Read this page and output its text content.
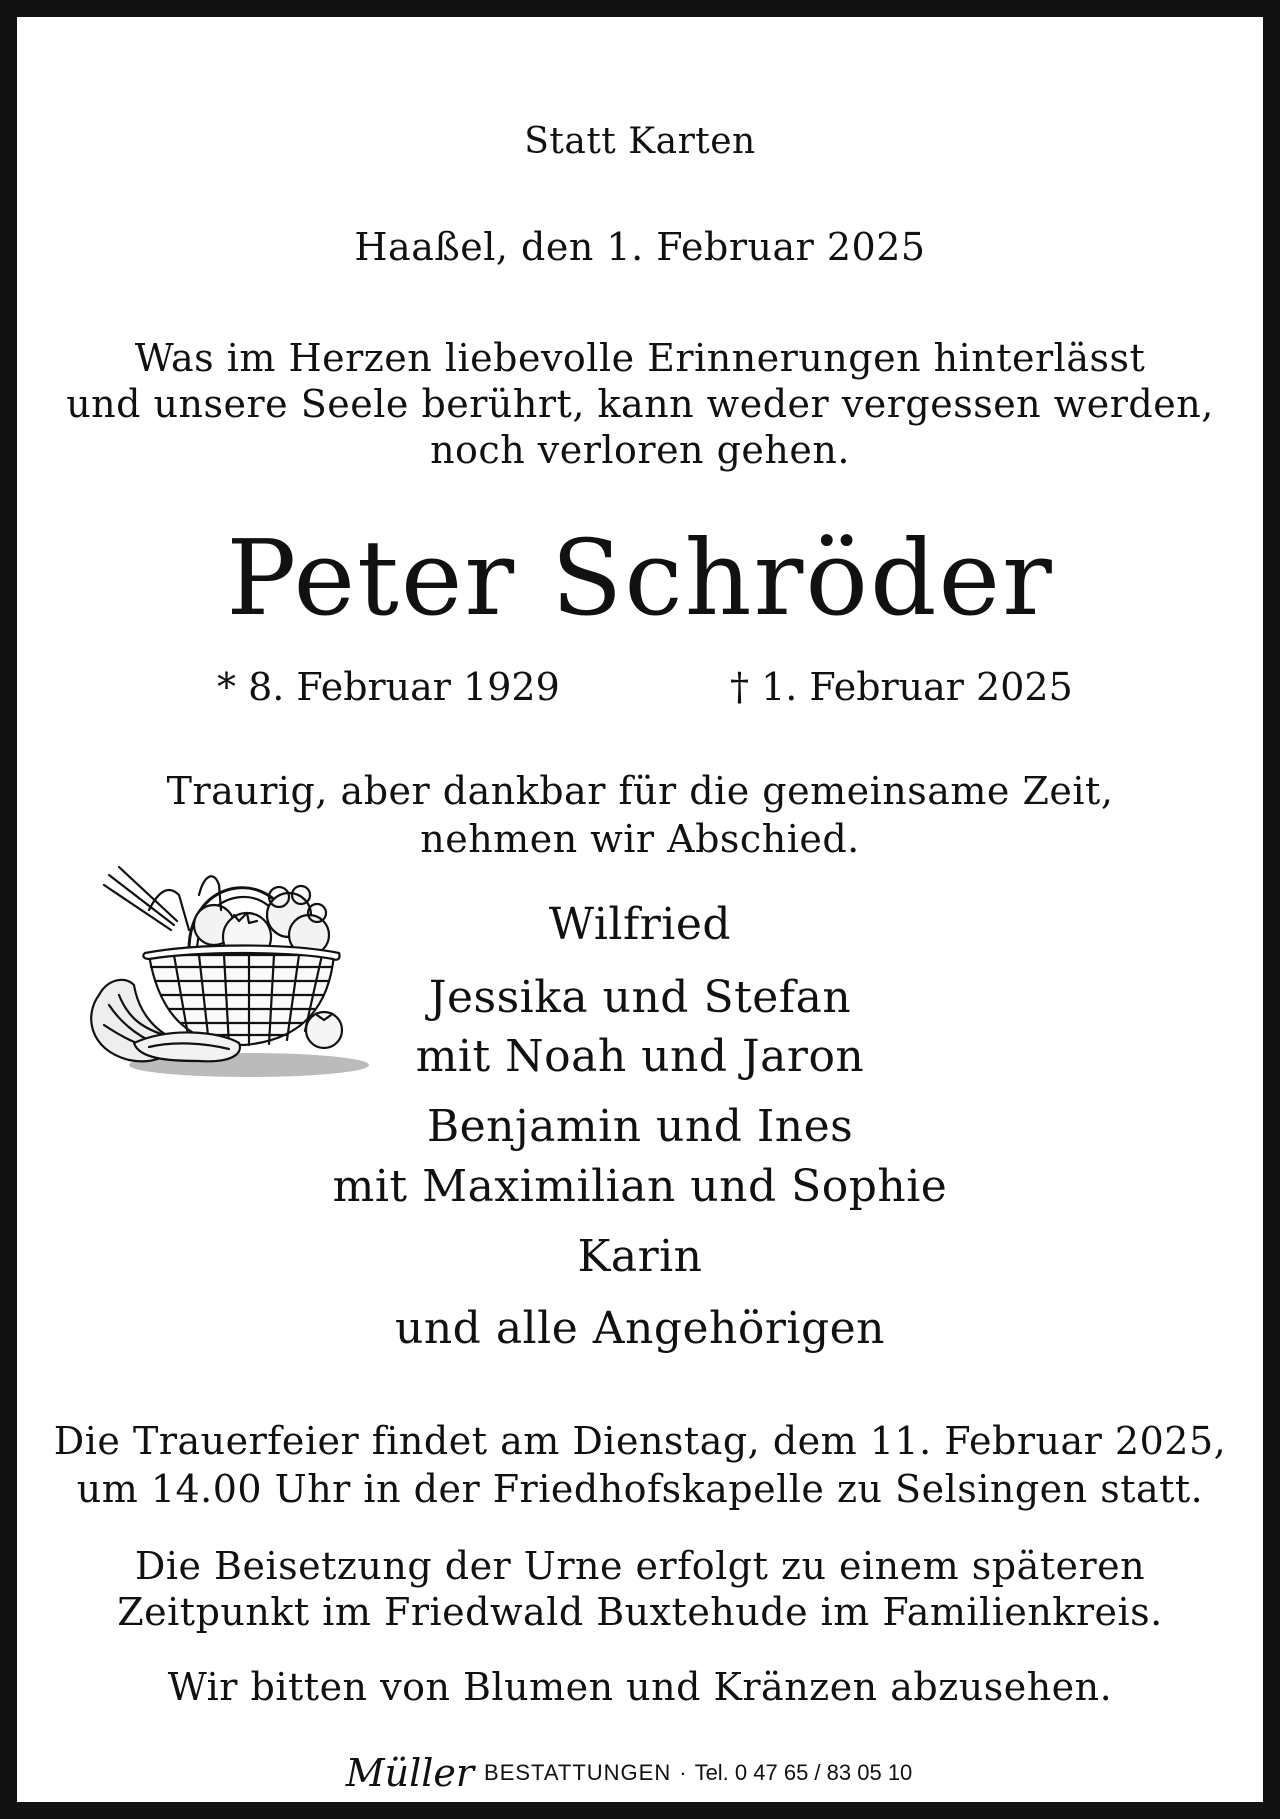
Statt Karten
Haaßel, den 1. Februar 2025
Was im Herzen liebevolle Erinnerungen hinterlässt
und unsere Seele berührt, kann weder vergessen werden,
noch verloren gehen.
Peter Schröder
* 8. Februar 1929	† 1. Februar 2025
Traurig, aber dankbar für die gemeinsame Zeit,
nehmen wir Abschied.
Wilfried
Jessika und Stefan
mit Noah und Jaron
Benjamin und Ines
mit Maximilian und Sophie
Karin
und alle Angehörigen
Die Trauerfeier findet am Dienstag, dem 11. Februar 2025,
um 14.00 Uhr in der Friedhofskapelle zu Selsingen statt.
Die Beisetzung der Urne erfolgt zu einem späteren
Zeitpunkt im Friedwald Buxtehude im Familienkreis.
Wir bitten von Blumen und Kränzen abzusehen.
Müller BESTATTUNGEN · Tel. 0 47 65 / 83 05 10
